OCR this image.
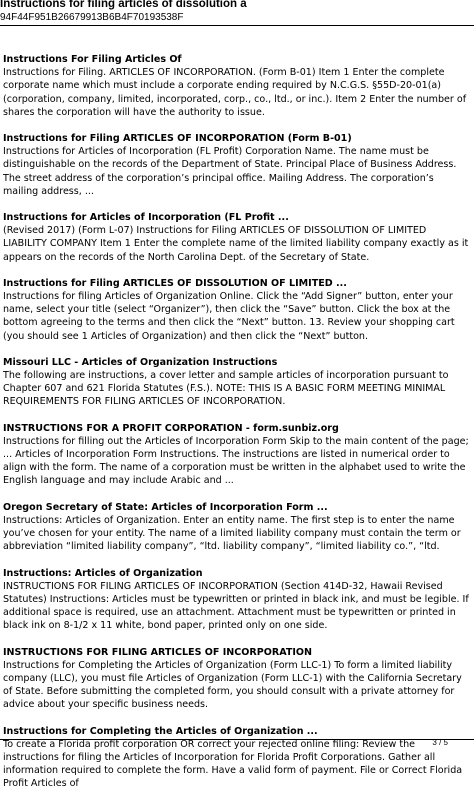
Instructions for filing articles of dissolution a
94F44F951B26679913B6B4F70193538F
Instructions For Filing Articles Of

Instructions for Filing. ARTICLES OF INCORPORATION. (Form B-01) Item 1 Enter the complete corporate name which must include a corporate ending required by N.C.G.S. §55D-20-01(a) (corporation, company, limited, incorporated, corp., co., ltd., or inc.). Item 2 Enter the number of shares the corporation will have the authority to issue.

Instructions for Filing ARTICLES OF INCORPORATION (Form B-01)

Instructions for Articles of Incorporation (FL Profit) Corporation Name. The name must be distinguishable on the records of the Department of State. Principal Place of Business Address. The street address of the corporation’s principal office. Mailing Address. The corporation’s mailing address, ...

Instructions for Articles of Incorporation (FL Profit ...

(Revised 2017) (Form L-07) Instructions for Filing ARTICLES OF DISSOLUTION OF LIMITED LIABILITY COMPANY Item 1 Enter the complete name of the limited liability company exactly as it appears on the records of the North Carolina Dept. of the Secretary of State.

Instructions for Filing ARTICLES OF DISSOLUTION OF LIMITED ...

Instructions for filing Articles of Organization Online. Click the “Add Signer” button, enter your name, select your title (select “Organizer”), then click the “Save” button. Click the box at the bottom agreeing to the terms and then click the “Next” button. 13. Review your shopping cart (you should see 1 Articles of Organization) and then click the “Next” button.

Missouri LLC - Articles of Organization Instructions

The following are instructions, a cover letter and sample articles of incorporation pursuant to Chapter 607 and 621 Florida Statutes (F.S.). NOTE: THIS IS A BASIC FORM MEETING MINIMAL REQUIREMENTS FOR FILING ARTICLES OF INCORPORATION.

INSTRUCTIONS FOR A PROFIT CORPORATION - form.sunbiz.org

Instructions for filling out the Articles of Incorporation Form Skip to the main content of the page; ... Articles of Incorporation Form Instructions. The instructions are listed in numerical order to align with the form. The name of a corporation must be written in the alphabet used to write the English language and may include Arabic and ...

Oregon Secretary of State: Articles of Incorporation Form ...

Instructions: Articles of Organization. Enter an entity name. The first step is to enter the name you’ve chosen for your entity. The name of a limited liability company must contain the term or abbreviation “limited liability company”, “ltd. liability company”, “limited liability co.”, “ltd.

Instructions: Articles of Organization

INSTRUCTIONS FOR FILING ARTICLES OF INCORPORATION (Section 414D-32, Hawaii Revised Statutes) Instructions: Articles must be typewritten or printed in black ink, and must be legible. If additional space is required, use an attachment. Attachment must be typewritten or printed in black ink on 8-1/2 x 11 white, bond paper, printed only on one side.

INSTRUCTIONS FOR FILING ARTICLES OF INCORPORATION

Instructions for Completing the Articles of Organization (Form LLC-1) To form a limited liability company (LLC), you must file Articles of Organization (Form LLC-1) with the California Secretary of State. Before submitting the completed form, you should consult with a private attorney for advice about your specific business needs.

Instructions for Completing the Articles of Organization ...

To create a Florida profit corporation OR correct your rejected online filing: Review the instructions for filing the Articles of Incorporation for Florida Profit Corporations. Gather all information required to complete the form. Have a valid form of payment. File or Correct Florida Profit Articles of

3 / 5
